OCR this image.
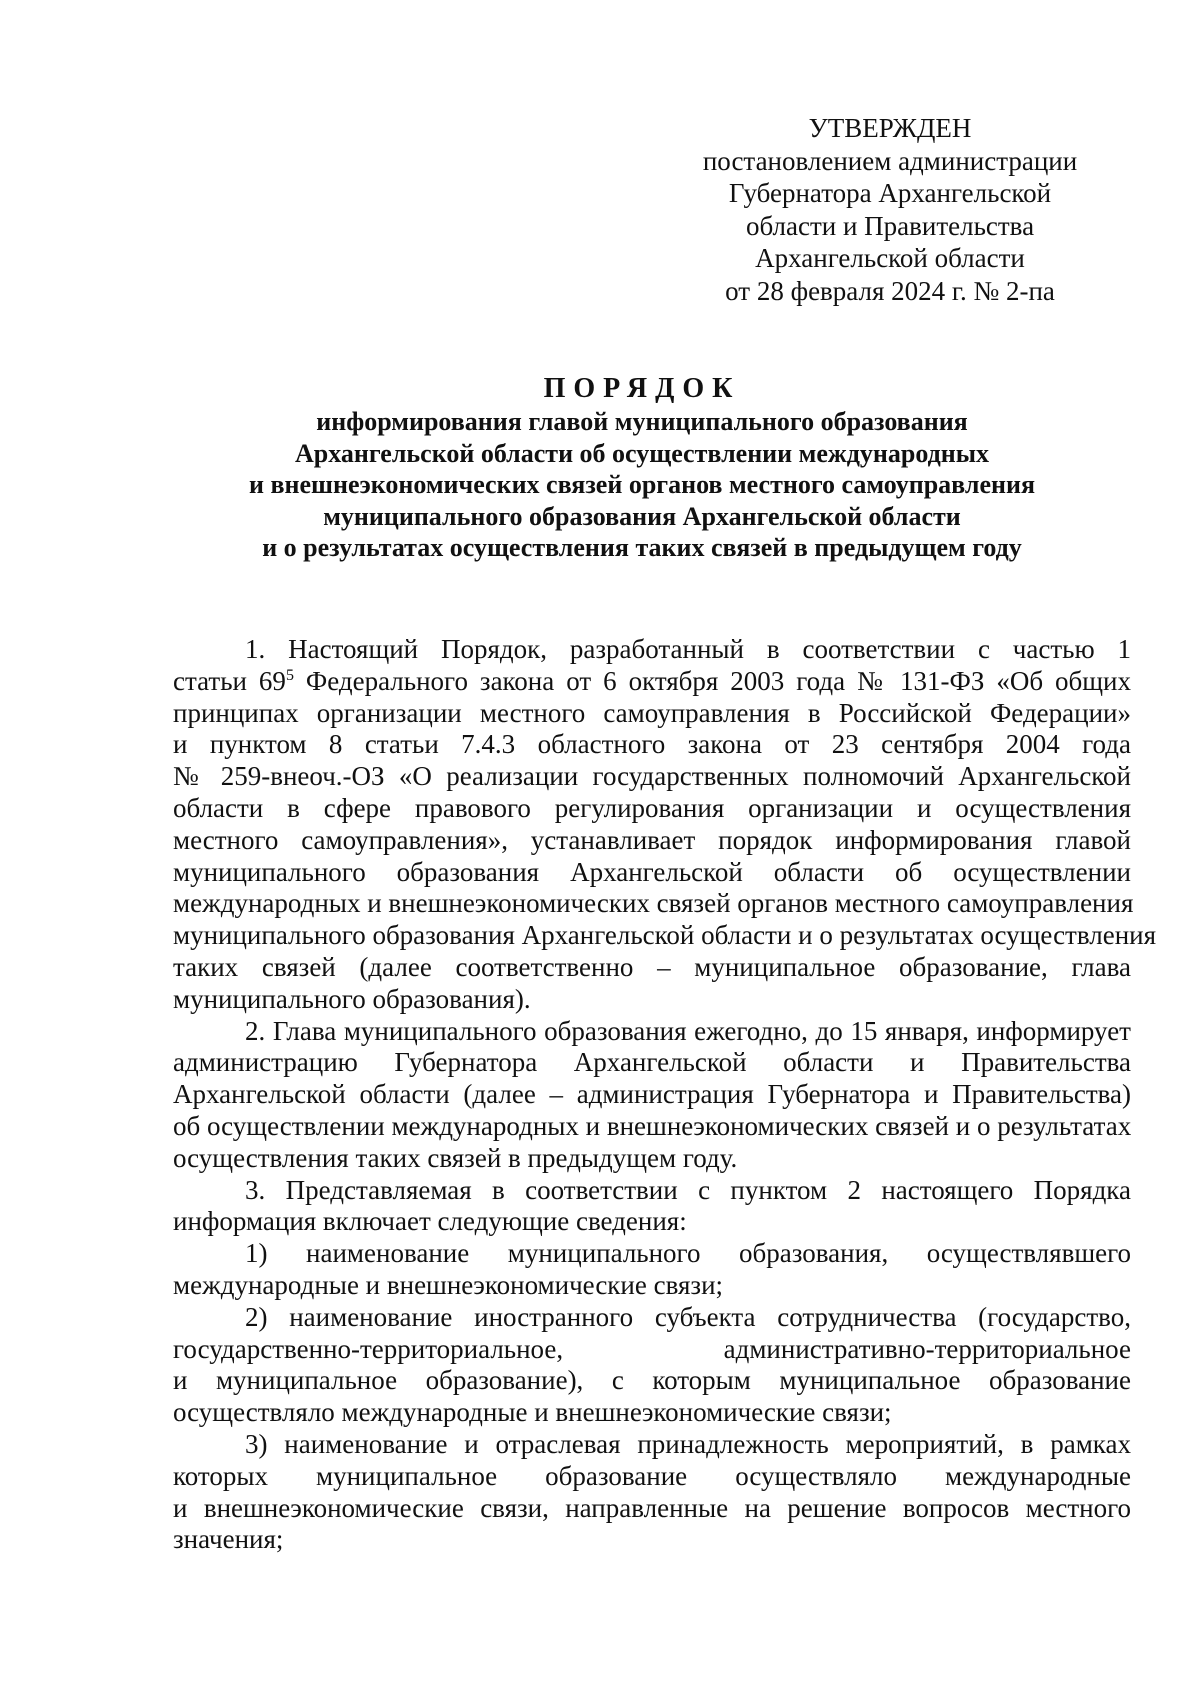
УТВЕРЖДЕН
постановлением администрации
Губернатора Архангельской
области и Правительства
Архангельской области
от 28 февраля 2024 г. № 2-па
ПОРЯДОК
информирования главой муниципального образования
Архангельской области об осуществлении международных
и внешнеэкономических связей органов местного самоуправления
муниципального образования Архангельской области
и о результатах осуществления таких связей в предыдущем году
1. Настоящий Порядок, разработанный в соответствии с частью 1
статьи $69^5$ Федерального закона от 6 октября 2003 года № 131-ФЗ «Об общих
принципах организации местного самоуправления в Российской Федерации»
и пунктом 8 статьи 7.4.3 областного закона от 23 сентября 2004 года
№ 259-внеоч.-ОЗ «О реализации государственных полномочий Архангельской
области в сфере правового регулирования организации и осуществления
местного самоуправления», устанавливает порядок информирования главой
муниципального образования Архангельской области об осуществлении
международных и внешнеэкономических связей органов местного самоуправления
муниципального образования Архангельской области и о результатах осуществления
таких связей (далее соответственно – муниципальное образование, глава
муниципального образования).
2. Глава муниципального образования ежегодно, до 15 января, информирует
администрацию Губернатора Архангельской области и Правительства
Архангельской области (далее – администрация Губернатора и Правительства)
об осуществлении международных и внешнеэкономических связей и о результатах
осуществления таких связей в предыдущем году.
3. Представляемая в соответствии с пунктом 2 настоящего Порядка
информация включает следующие сведения:
1) наименование муниципального образования, осуществлявшего
международные и внешнеэкономические связи;
2) наименование иностранного субъекта сотрудничества (государство,
государственно-территориальное, административно-территориальное
и муниципальное образование), с которым муниципальное образование
осуществляло международные и внешнеэкономические связи;
3) наименование и отраслевая принадлежность мероприятий, в рамках
которых муниципальное образование осуществляло международные
и внешнеэкономические связи, направленные на решение вопросов местного
значения;
